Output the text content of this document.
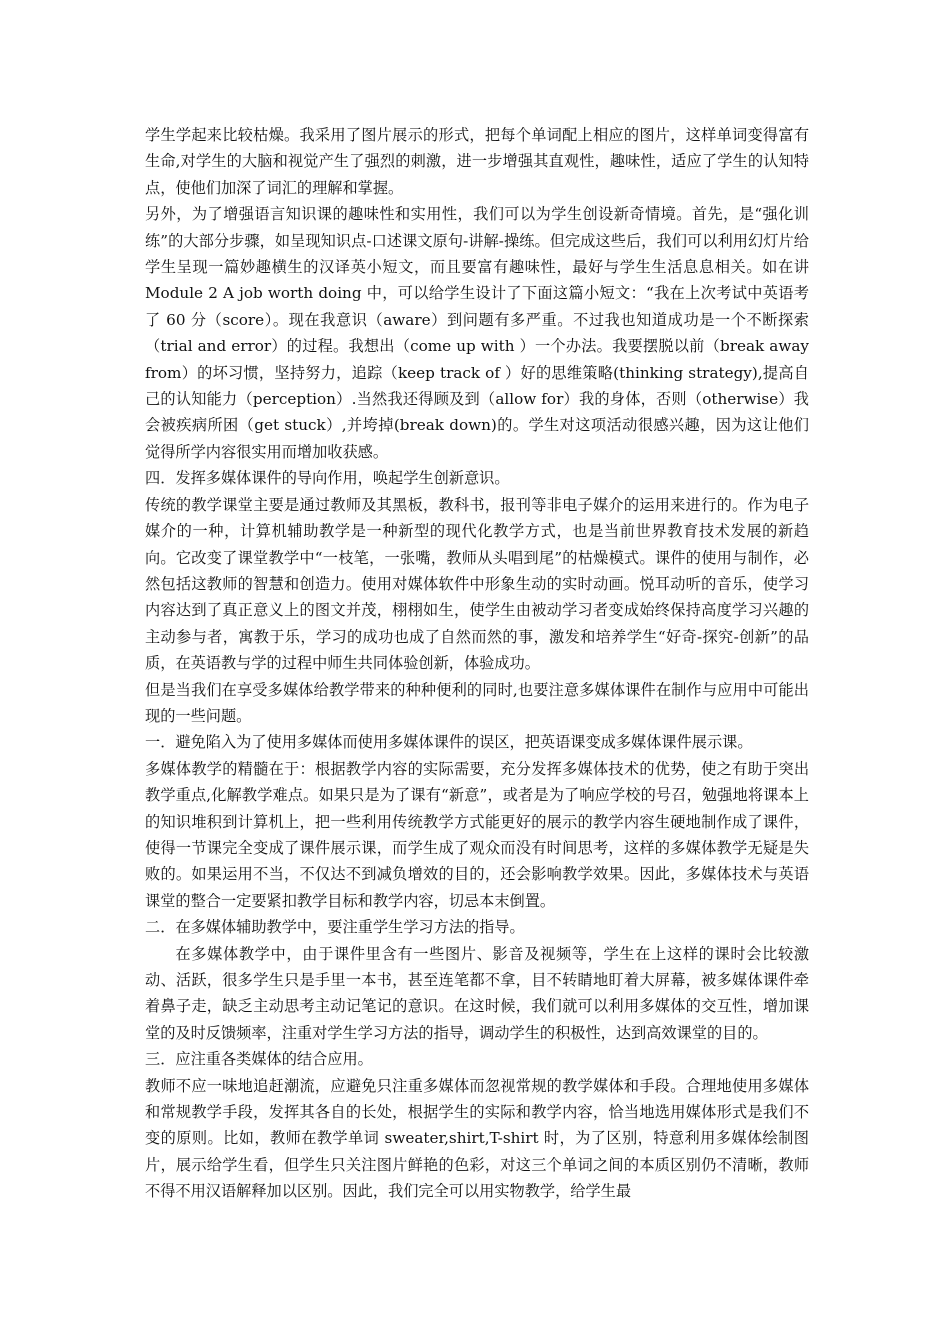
学生学起来比较枯燥。我采用了图片展示的形式，把每个单词配上相应的图片，这样单词变得富有生命,对学生的大脑和视觉产生了强烈的刺激，进一步增强其直观性，趣味性，适应了学生的认知特点，使他们加深了词汇的理解和掌握。

另外，为了增强语言知识课的趣味性和实用性，我们可以为学生创设新奇情境。首先，是“强化训练”的大部分步骤，如呈现知识点-口述课文原句-讲解-操练。但完成这些后，我们可以利用幻灯片给学生呈现一篇妙趣横生的汉译英小短文，而且要富有趣味性，最好与学生生活息息相关。如在讲 Module 2 A job worth doing 中，可以给学生设计了下面这篇小短文：“我在上次考试中英语考了 60 分（score）。现在我意识（aware）到问题有多严重。不过我也知道成功是一个不断探索（trial and error）的过程。我想出（come up with ）一个办法。我要摆脱以前（break away from）的坏习惯，坚持努力，追踪（keep track of ）好的思维策略(thinking strategy),提高自己的认知能力（perception）.当然我还得顾及到（allow for）我的身体，否则（otherwise）我会被疾病所困（get stuck）,并垮掉(break down)的。学生对这项活动很感兴趣，因为这让他们觉得所学内容很实用而增加收获感。

四．发挥多媒体课件的导向作用，唤起学生创新意识。

传统的教学课堂主要是通过教师及其黑板，教科书，报刊等非电子媒介的运用来进行的。作为电子媒介的一种，计算机辅助教学是一种新型的现代化教学方式，也是当前世界教育技术发展的新趋向。它改变了课堂教学中“一枝笔，一张嘴，教师从头唱到尾”的枯燥模式。课件的使用与制作，必然包括这教师的智慧和创造力。使用对媒体软件中形象生动的实时动画。悦耳动听的音乐，使学习内容达到了真正意义上的图文并茂，栩栩如生，使学生由被动学习者变成始终保持高度学习兴趣的主动参与者，寓教于乐，学习的成功也成了自然而然的事，激发和培养学生“好奇-探究-创新”的品质，在英语教与学的过程中师生共同体验创新，体验成功。

但是当我们在享受多媒体给教学带来的种种便利的同时,也要注意多媒体课件在制作与应用中可能出现的一些问题。

一．避免陷入为了使用多媒体而使用多媒体课件的误区，把英语课变成多媒体课件展示课。

多媒体教学的精髓在于：根据教学内容的实际需要，充分发挥多媒体技术的优势，使之有助于突出教学重点,化解教学难点。如果只是为了课有“新意”，或者是为了响应学校的号召，勉强地将课本上的知识堆积到计算机上，把一些利用传统教学方式能更好的展示的教学内容生硬地制作成了课件，使得一节课完全变成了课件展示课，而学生成了观众而没有时间思考，这样的多媒体教学无疑是失败的。如果运用不当，不仅达不到减负增效的目的，还会影响教学效果。因此，多媒体技术与英语课堂的整合一定要紧扣教学目标和教学内容，切忌本末倒置。

二．在多媒体辅助教学中，要注重学生学习方法的指导。

在多媒体教学中，由于课件里含有一些图片、影音及视频等，学生在上这样的课时会比较激动、活跃，很多学生只是手里一本书，甚至连笔都不拿，目不转睛地盯着大屏幕，被多媒体课件牵着鼻子走，缺乏主动思考主动记笔记的意识。在这时候，我们就可以利用多媒体的交互性，增加课堂的及时反馈频率，注重对学生学习方法的指导，调动学生的积极性，达到高效课堂的目的。

三．应注重各类媒体的结合应用。

教师不应一味地追赶潮流，应避免只注重多媒体而忽视常规的教学媒体和手段。合理地使用多媒体和常规教学手段，发挥其各自的长处，根据学生的实际和教学内容，恰当地选用媒体形式是我们不变的原则。比如，教师在教学单词 sweater,shirt,T-shirt 时，为了区别，特意利用多媒体绘制图片，展示给学生看，但学生只关注图片鲜艳的色彩，对这三个单词之间的本质区别仍不清晰，教师不得不用汉语解释加以区别。因此，我们完全可以用实物教学，给学生最
